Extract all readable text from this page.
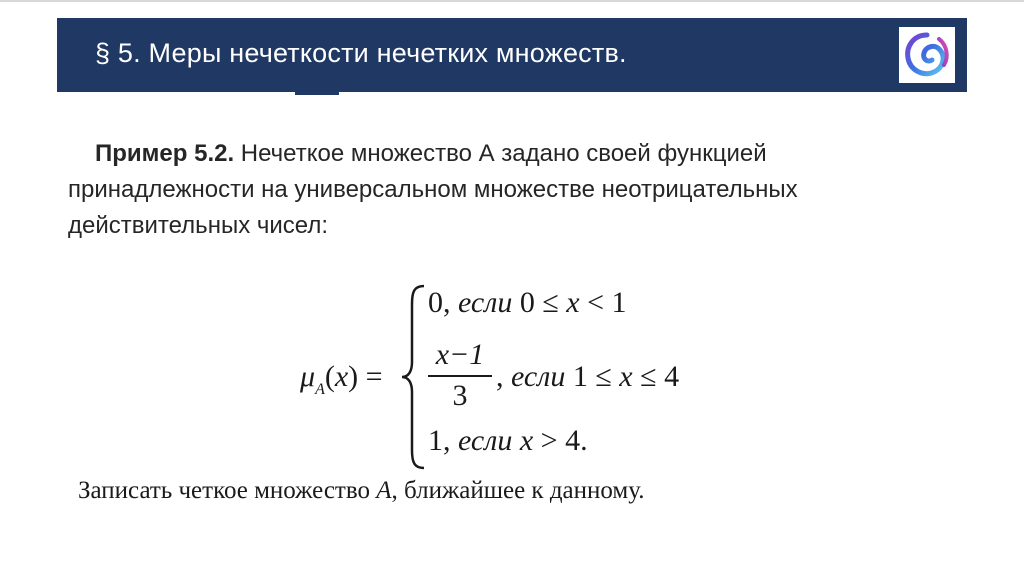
§ 5. Меры нечеткости нечетких множеств.
Пример 5.2. Нечеткое множество А задано своей функцией
принадлежности на универсальном множестве неотрицательных
действительных чисел:
$\mu_A(x)$ =
0, если 0 ≤ x < 1
x−1
3
, если 1 ≤ x ≤ 4
1, если x > 4.
Записать четкое множество A, ближайшее к данному.
